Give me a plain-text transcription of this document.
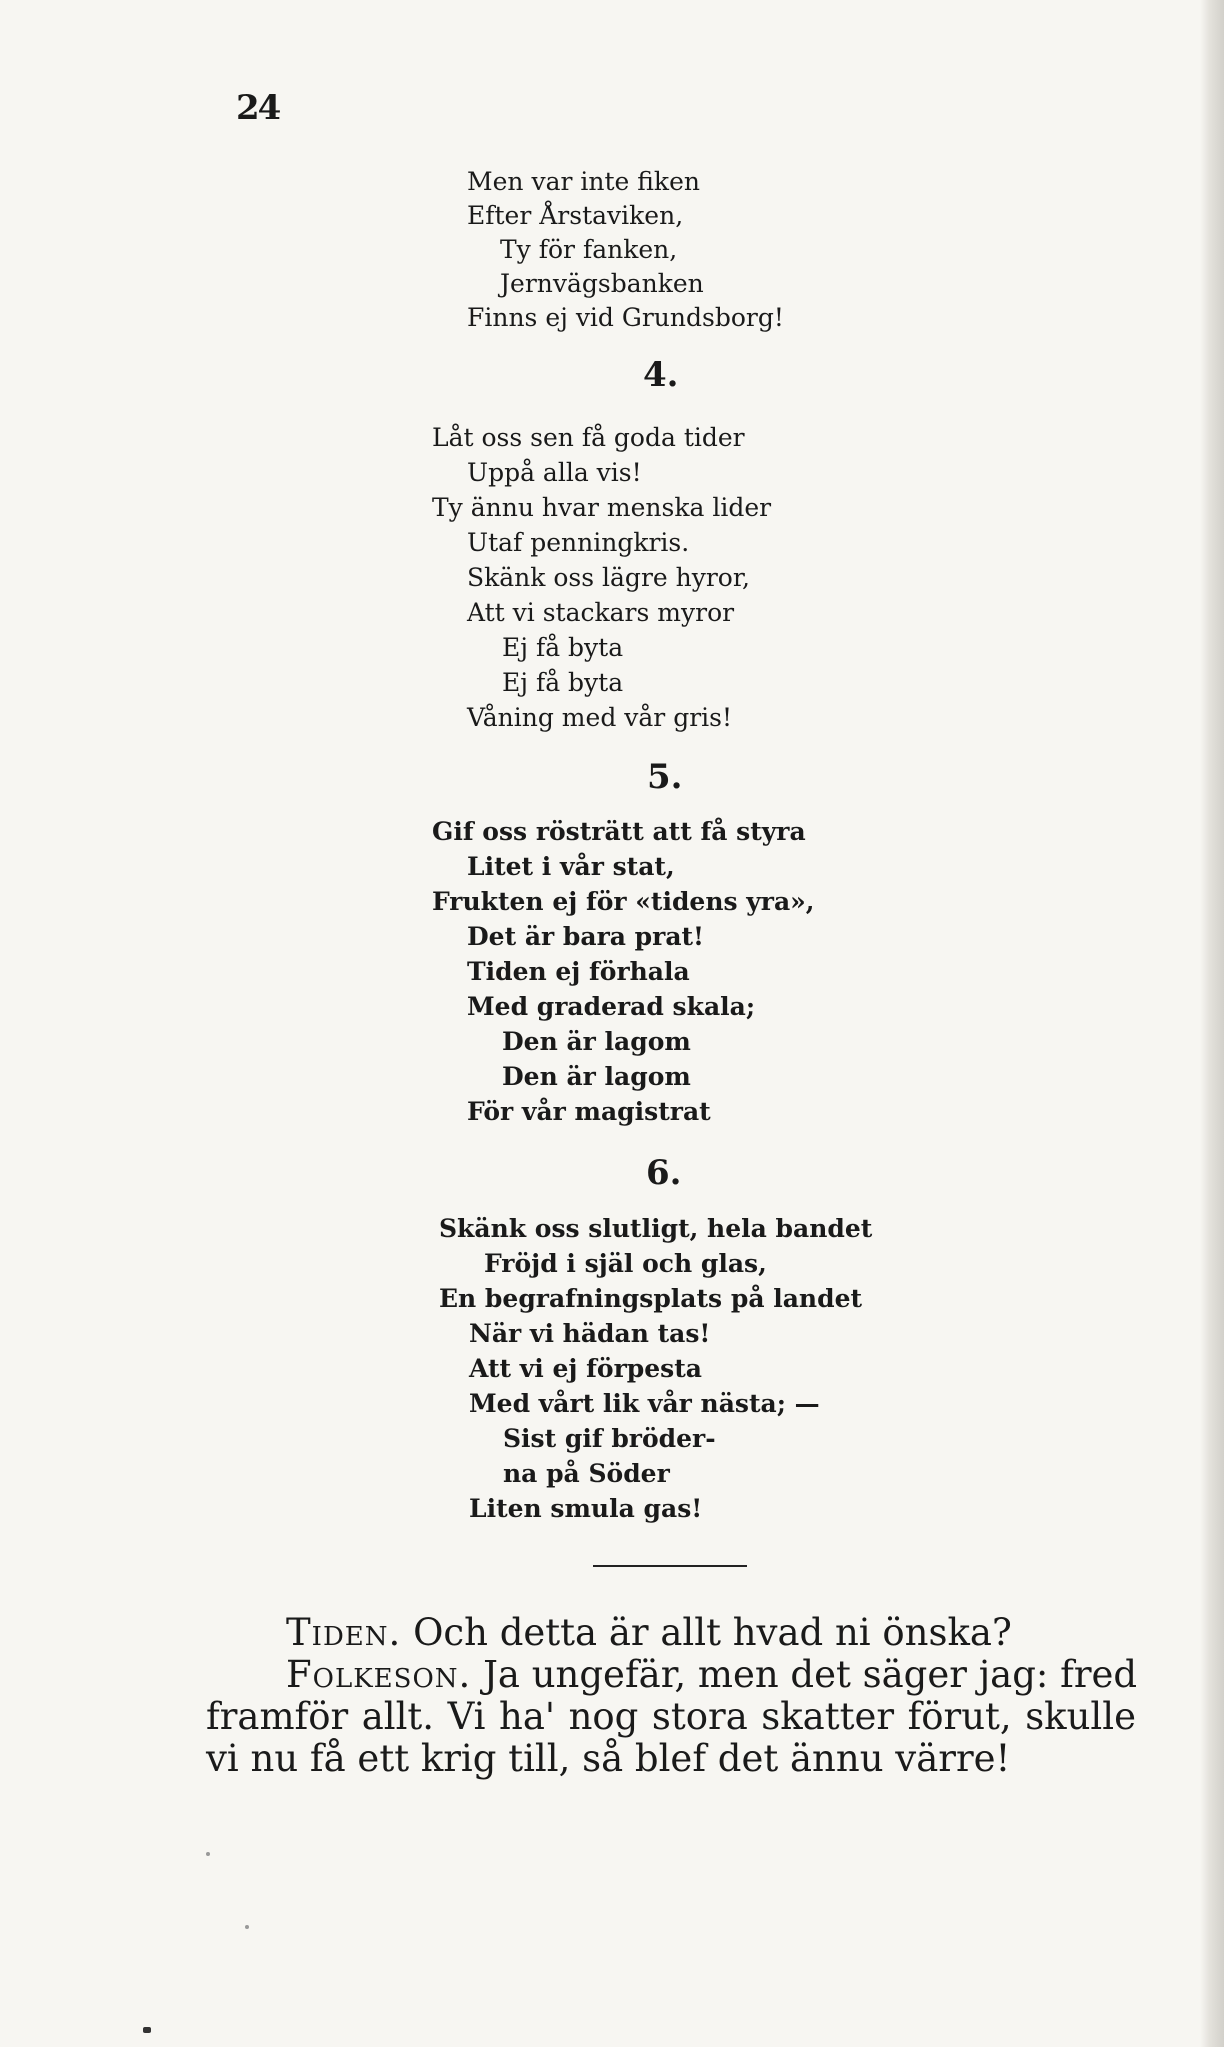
24
Men var inte fiken
Efter Årstaviken,
Ty för fanken,
Jernvägsbanken
Finns ej vid Grundsborg!
4.
Låt oss sen få goda tider
Uppå alla vis!
Ty ännu hvar menska lider
Utaf penningkris.
Skänk oss lägre hyror,
Att vi stackars myror
Ej få byta
Ej få byta
Våning med vår gris!
5.
Gif oss rösträtt att få styra
Litet i vår stat,
Frukten ej för «tidens yra»,
Det är bara prat!
Tiden ej förhala
Med graderad skala;
Den är lagom
Den är lagom
För vår magistrat
6.
Skänk oss slutligt, hela bandet
Fröjd i själ och glas,
En begrafningsplats på landet
När vi hädan tas!
Att vi ej förpesta
Med vårt lik vår nästa; —
Sist gif bröder-
na på Söder
Liten smula gas!
Tiden. Och detta är allt hvad ni önska?
Folkeson. Ja ungefär, men det säger jag: fred
framför allt. Vi ha' nog stora skatter förut, skulle
vi nu få ett krig till, så blef det ännu värre!
